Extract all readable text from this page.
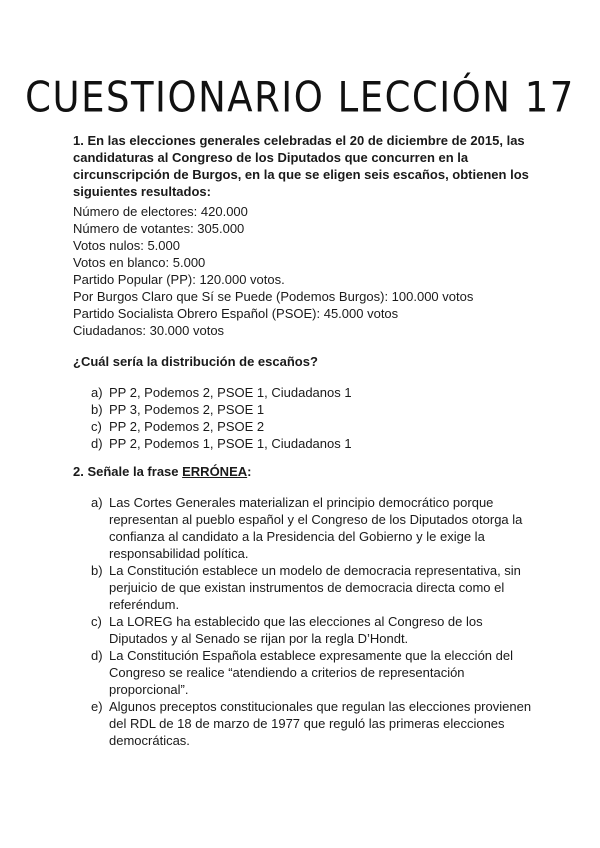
CUESTIONARIO LECCIÓN 17
1. En las elecciones generales celebradas el 20 de diciembre de 2015, las candidaturas al Congreso de los Diputados que concurren en la circunscripción de Burgos, en la que se eligen seis escaños, obtienen los siguientes resultados:
Número de electores: 420.000
Número de votantes: 305.000
Votos nulos: 5.000
Votos en blanco: 5.000
Partido Popular (PP): 120.000 votos.
Por Burgos Claro que Sí se Puede (Podemos Burgos): 100.000 votos
Partido Socialista Obrero Español (PSOE): 45.000 votos
Ciudadanos: 30.000 votos
¿Cuál sería la distribución de escaños?
a) PP 2, Podemos 2, PSOE 1, Ciudadanos 1
b) PP 3, Podemos 2, PSOE 1
c) PP 2, Podemos 2, PSOE 2
d) PP 2, Podemos 1, PSOE 1, Ciudadanos 1
2. Señale la frase ERRÓNEA:
a) Las Cortes Generales materializan el principio democrático porque representan al pueblo español y el Congreso de los Diputados otorga la confianza al candidato a la Presidencia del Gobierno y le exige la responsabilidad política.
b) La Constitución establece un modelo de democracia representativa, sin perjuicio de que existan instrumentos de democracia directa como el referéndum.
c) La LOREG ha establecido que las elecciones al Congreso de los Diputados y al Senado se rijan por la regla D’Hondt.
d) La Constitución Española establece expresamente que la elección del Congreso se realice “atendiendo a criterios de representación proporcional”.
e) Algunos preceptos constitucionales que regulan las elecciones provienen del RDL de 18 de marzo de 1977 que reguló las primeras elecciones democráticas.
